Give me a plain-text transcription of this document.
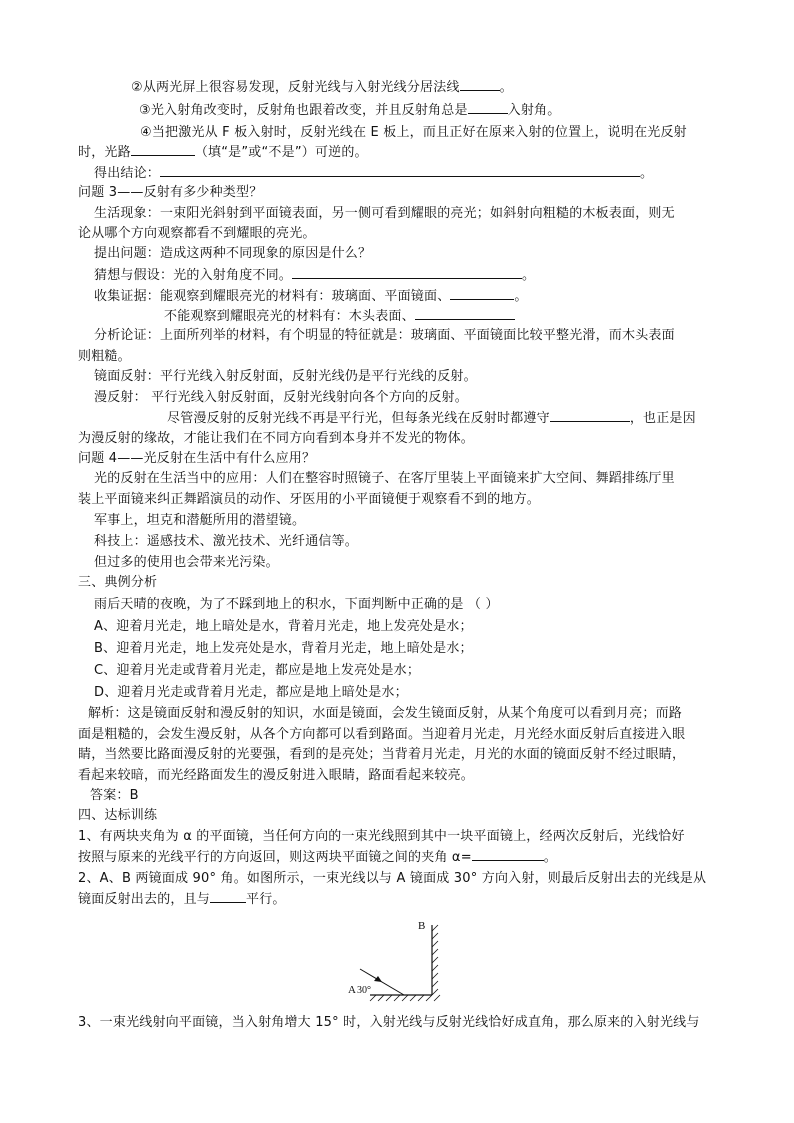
②从两光屏上很容易发现，反射光线与入射光线分居法线	。
③光入射角改变时，反射角也跟着改变，并且反射角总是	入射角。
④当把激光从 F 板入射时，反射光线在 E 板上，而且正好在原来入射的位置上，说明在光反射
时，光路	（填“是”或“不是”）可逆的。
得出结论：	。
问题 3——反射有多少种类型？
生活现象：一束阳光斜射到平面镜表面，另一侧可看到耀眼的亮光；如斜射向粗糙的木板表面，则无
论从哪个方向观察都看不到耀眼的亮光。
提出问题：造成这两种不同现象的原因是什么？
猜想与假设：光的入射角度不同。	。
收集证据：能观察到耀眼亮光的材料有：玻璃面、平面镜面、	。
不能观察到耀眼亮光的材料有：木头表面、
分析论证：上面所列举的材料，有个明显的特征就是：玻璃面、平面镜面比较平整光滑，而木头表面
则粗糙。
镜面反射：平行光线入射反射面，反射光线仍是平行光线的反射。
漫反射： 平行光线入射反射面，反射光线射向各个方向的反射。
尽管漫反射的反射光线不再是平行光，但每条光线在反射时都遵守	，也正是因
为漫反射的缘故，才能让我们在不同方向看到本身并不发光的物体。
问题 4——光反射在生活中有什么应用？
光的反射在生活当中的应用：人们在整容时照镜子、在客厅里装上平面镜来扩大空间、舞蹈排练厅里
装上平面镜来纠正舞蹈演员的动作、牙医用的小平面镜便于观察看不到的地方。
军事上，坦克和潜艇所用的潜望镜。
科技上：遥感技术、激光技术、光纤通信等。
但过多的使用也会带来光污染。
三、典例分析
雨后天晴的夜晚，为了不踩到地上的积水，下面判断中正确的是 （ ）
A、迎着月光走，地上暗处是水，背着月光走，地上发亮处是水；
B、迎着月光走，地上发亮处是水，背着月光走，地上暗处是水；
C、迎着月光走或背着月光走，都应是地上发亮处是水；
D、迎着月光走或背着月光走，都应是地上暗处是水；
解析：这是镜面反射和漫反射的知识，水面是镜面，会发生镜面反射，从某个角度可以看到月亮；而路
面是粗糙的，会发生漫反射，从各个方向都可以看到路面。当迎着月光走，月光经水面反射后直接进入眼
睛，当然要比路面漫反射的光要强，看到的是亮处；当背着月光走，月光的水面的镜面反射不经过眼睛，
看起来较暗，而光经路面发生的漫反射进入眼睛，路面看起来较亮。
答案：B
四、达标训练
1、有两块夹角为 α 的平面镜，当任何方向的一束光线照到其中一块平面镜上，经两次反射后，光线恰好
按照与原来的光线平行的方向返回，则这两块平面镜之间的夹角 α=	。
2、A、B 两镜面成 90° 角。如图所示，一束光线以与 A 镜面成 30° 方向入射，则最后反射出去的光线是从
镜面反射出去的，且与	平行。
B
A 30°
3、一束光线射向平面镜，当入射角增大 15° 时，入射光线与反射光线恰好成直角，那么原来的入射光线与
